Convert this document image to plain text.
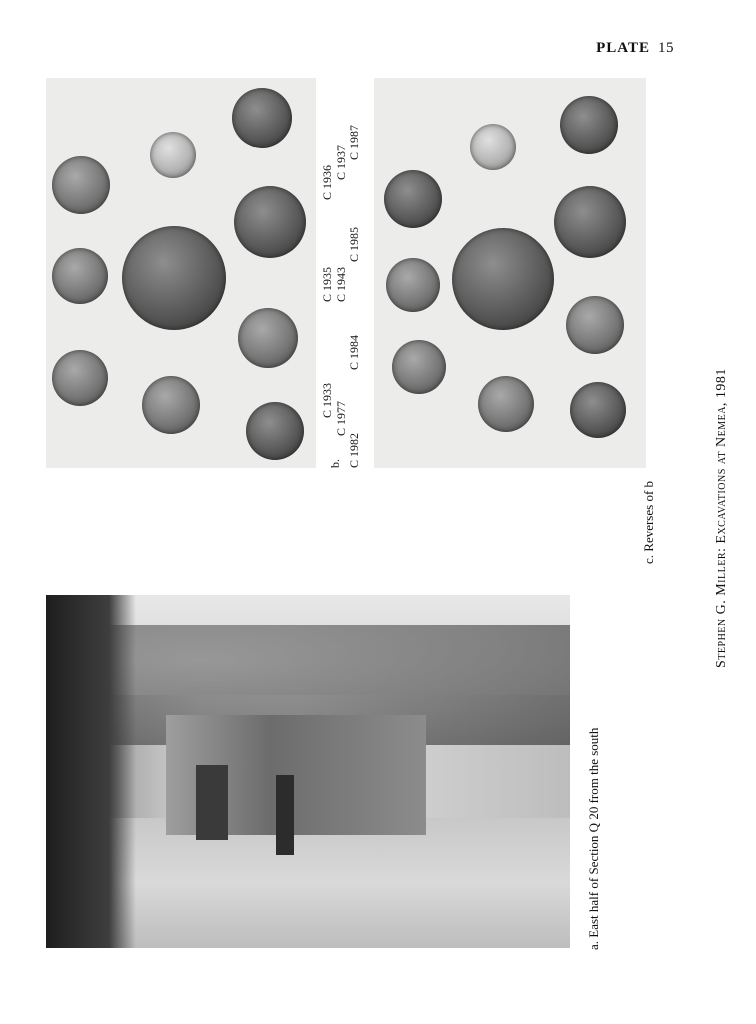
PLATE 15
b.
C 1933
C 1935
C 1936
C 1977
C 1943
C 1937
C 1982
C 1984
C 1985
C 1987
c. Reverses of b
a. East half of Section Q 20 from the south
Stephen G. Miller: Excavations at Nemea, 1981
